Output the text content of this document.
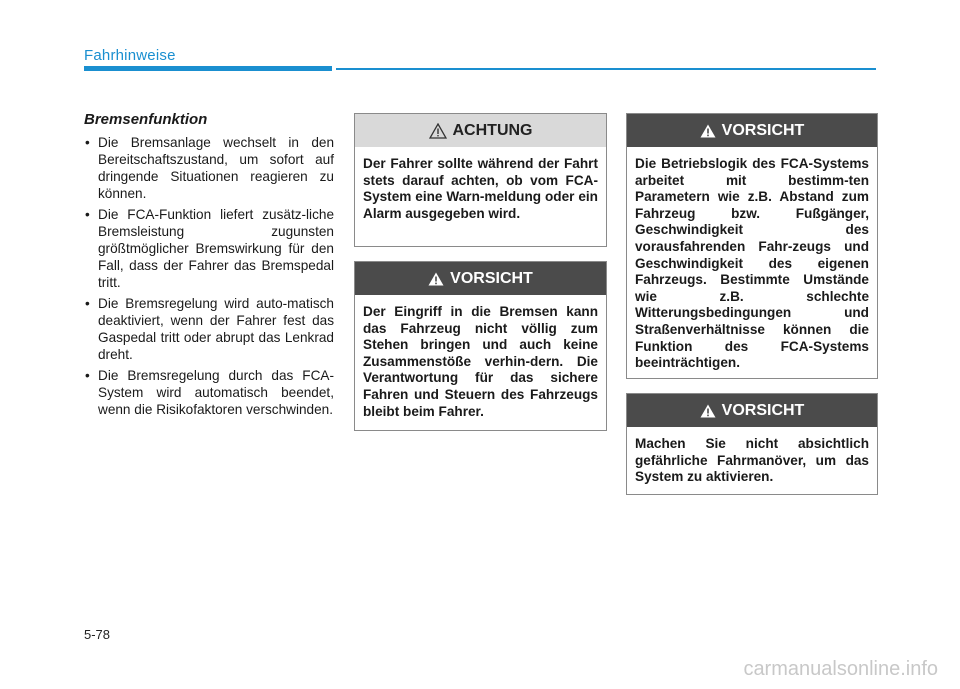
Fahrhinweise
Bremsenfunktion
• Die Bremsanlage wechselt in den Bereitschaftszustand, um sofort auf dringende Situationen reagieren zu können.
• Die FCA-Funktion liefert zusätz-liche Bremsleistung zugunsten größtmöglicher Bremswirkung für den Fall, dass der Fahrer das Bremspedal tritt.
• Die Bremsregelung wird auto-matisch deaktiviert, wenn der Fahrer fest das Gaspedal tritt oder abrupt das Lenkrad dreht.
• Die Bremsregelung durch das FCA-System wird automatisch beendet, wenn die Risikofaktoren verschwinden.
ACHTUNG
Der Fahrer sollte während der Fahrt stets darauf achten, ob vom FCA-System eine Warn-meldung oder ein Alarm ausgegeben wird.
VORSICHT
Der Eingriff in die Bremsen kann das Fahrzeug nicht völlig zum Stehen bringen und auch keine Zusammenstöße verhin-dern. Die Verantwortung für das sichere Fahren und Steuern des Fahrzeugs bleibt beim Fahrer.
VORSICHT
Die Betriebslogik des FCA-Systems arbeitet mit bestimm-ten Parametern wie z.B. Abstand zum Fahrzeug bzw. Fußgänger, Geschwindigkeit des vorausfahrenden Fahr-zeugs und Geschwindigkeit des eigenen Fahrzeugs. Bestimmte Umstände wie z.B. schlechte Witterungsbedingungen und Straßenverhältnisse können die Funktion des FCA-Systems beeinträchtigen.
VORSICHT
Machen Sie nicht absichtlich gefährliche Fahrmanöver, um das System zu aktivieren.
5-78
carmanualsonline.info
